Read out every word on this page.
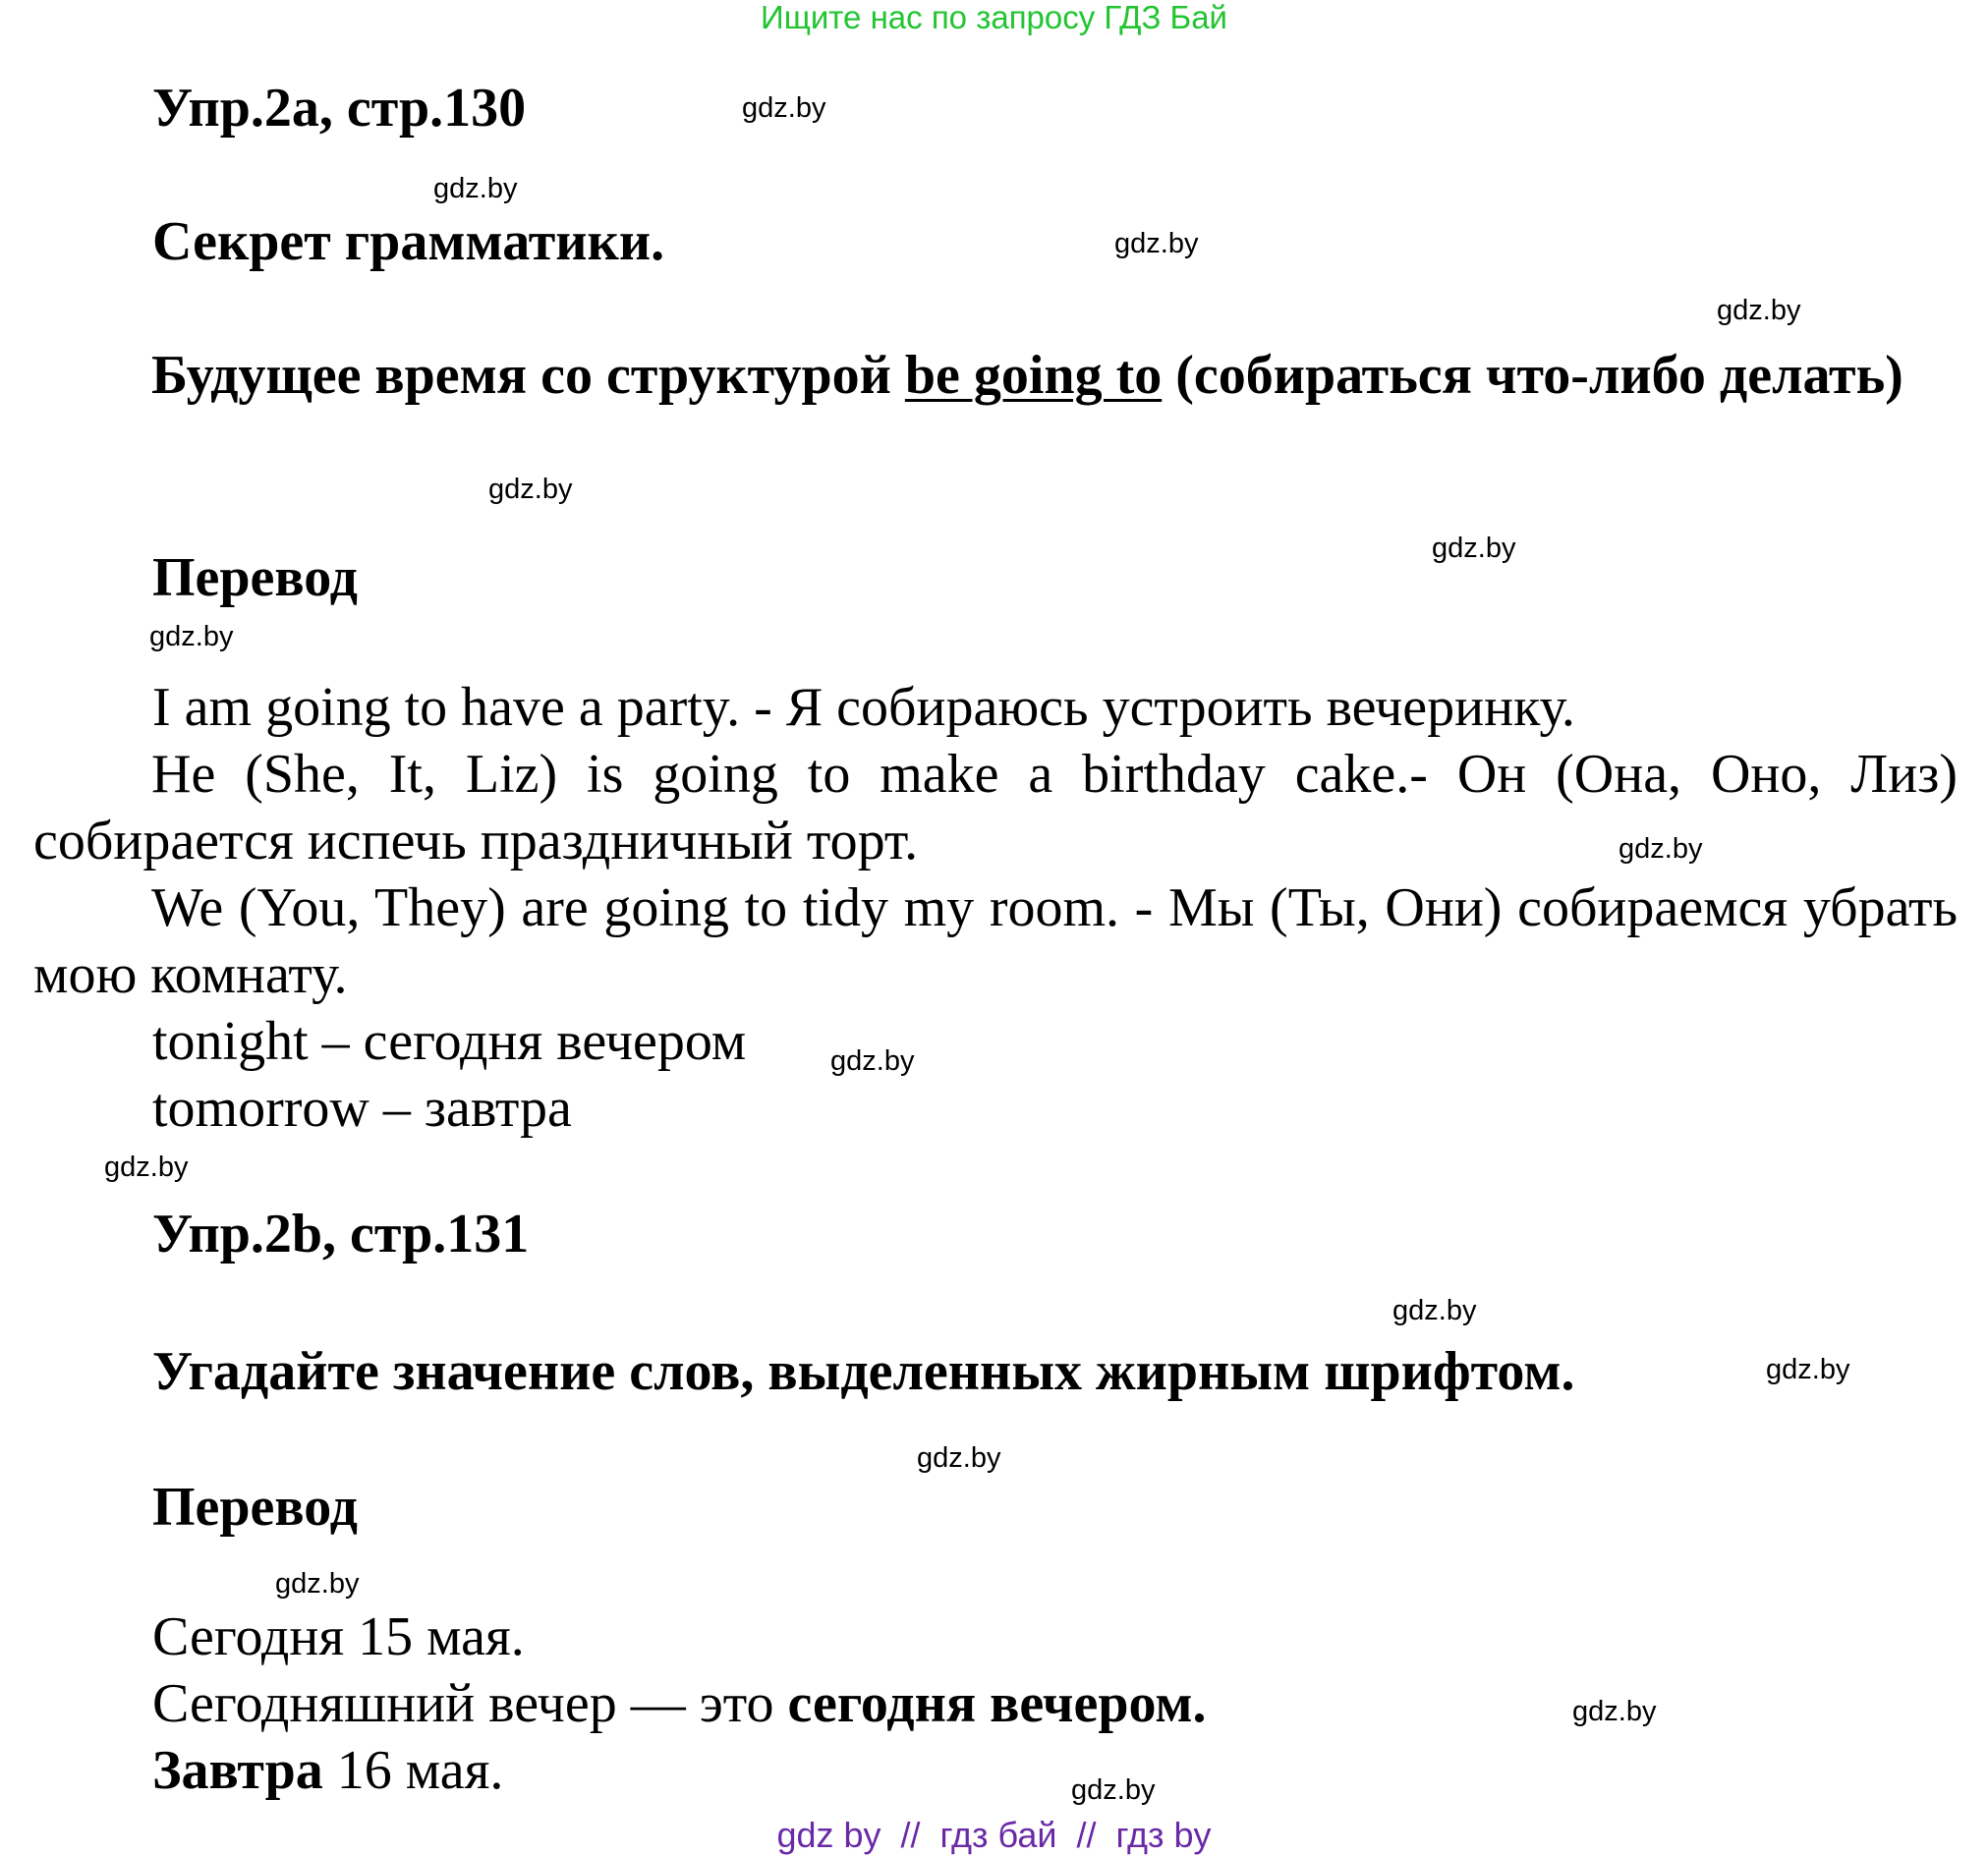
Ищите нас по запросу ГДЗ Бай
Упр.2а, стр.130
Секрет грамматики.
Будущее время со структурой be going to (собираться что-либо делать)
Перевод
I am going to have a party. - Я собираюсь устроить вечеринку.
He (She, It, Liz) is going to make a birthday cake.- Он (Она, Оно, Лиз) собирается испечь праздничный торт.
We (You, They) are going to tidy my room. - Мы (Ты, Они) собираемся убрать мою комнату.
tonight – сегодня вечером
tomorrow – завтра
Упр.2b, стр.131
Угадайте значение слов, выделенных жирным шрифтом.
Перевод
Сегодня 15 мая.
Сегодняшний вечер — это сегодня вечером.
Завтра 16 мая.
gdz.by
gdz.by
gdz.by
gdz.by
gdz.by
gdz.by
gdz.by
gdz.by
gdz.by
gdz.by
gdz.by
gdz.by
gdz.by
gdz.by
gdz.by
gdz.by
gdz by  //  гдз бай  //  гдз by
